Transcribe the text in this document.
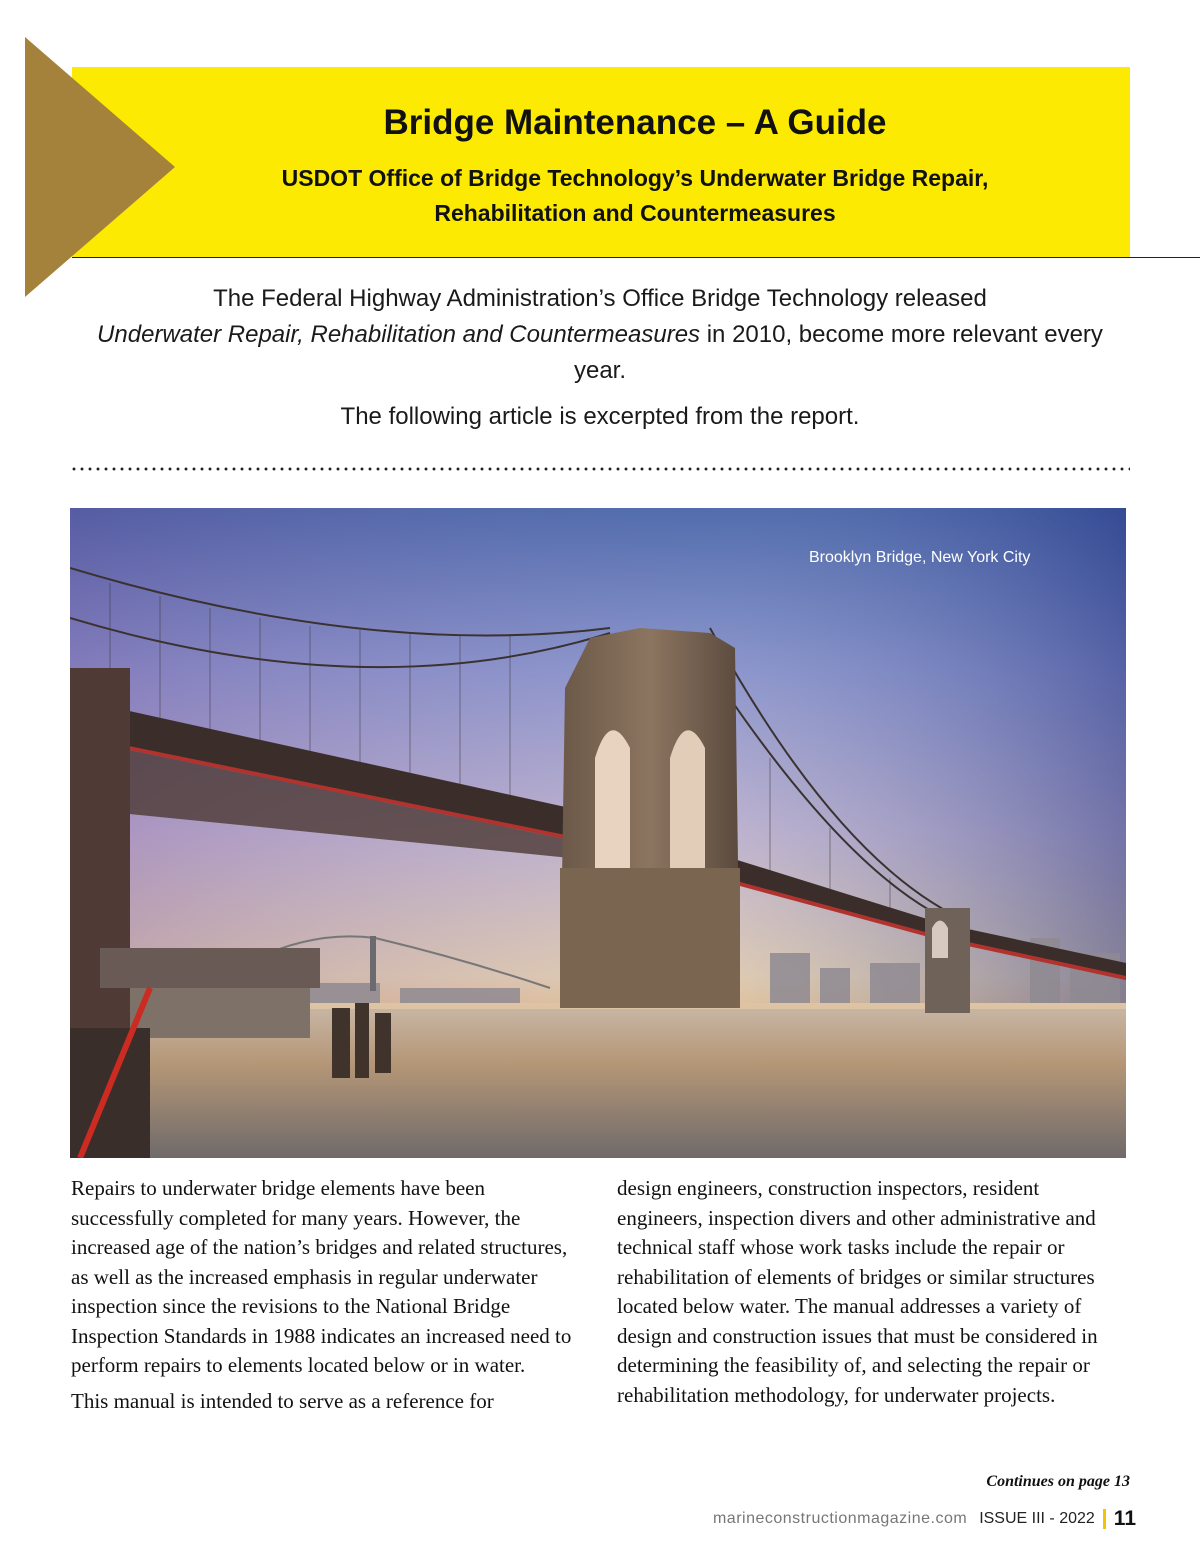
Bridge Maintenance – A Guide
USDOT Office of Bridge Technology’s Underwater Bridge Repair,
Rehabilitation and Countermeasures

The Federal Highway Administration’s Office Bridge Technology released
Underwater Repair, Rehabilitation and Countermeasures in 2010, become more relevant every year.

The following article is excerpted from the report.

Brooklyn Bridge, New York City

Repairs to underwater bridge elements have been successfully completed for many years. However, the increased age of the nation’s bridges and related structures, as well as the increased emphasis in regular underwater inspection since the revisions to the National Bridge Inspection Standards in 1988 indicates an increased need to perform repairs to elements located below or in water.

This manual is intended to serve as a reference for

design engineers, construction inspectors, resident engineers, inspection divers and other administrative and technical staff whose work tasks include the repair or rehabilitation of elements of bridges or similar structures located below water. The manual addresses a variety of design and construction issues that must be considered in determining the feasibility of, and selecting the repair or rehabilitation methodology, for underwater projects.

Continues on page 13
marineconstructionmagazine.com ISSUE III - 2022 11
